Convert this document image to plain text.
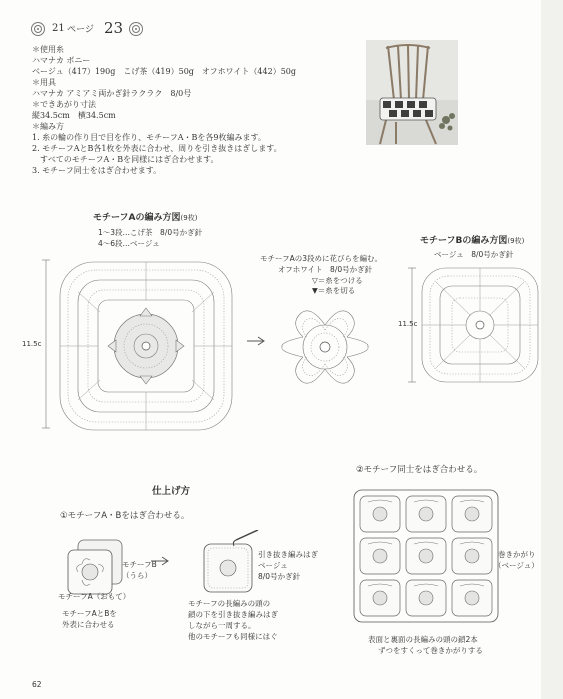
21 ページ 23
＊使用糸
ハマナカ ボニー
ベージュ（417）190g　こげ茶（419）50g　オフホワイト（442）50g
＊用具
ハマナカ アミアミ両かぎ針ラクラク　8/0号
＊できあがり寸法
縦34.5cm　横34.5cm
＊編み方
1. 糸の輪の作り目で目を作り、モチーフA・Bを各9枚編みます。
2. モチーフAとB各1枚を外表に合わせ、周りを引き抜きはぎします。
　すべてのモチーフA・Bを同様にはぎ合わせます。
3. モチーフ同士をはぎ合わせます。
モチーフAの編み方図(9枚)
1～3段…こげ茶　8/0号かぎ針
4～6段…ベージュ
11.5c
モチーフAの3段めに花びらを編む。
オフホワイト　8/0号かぎ針
▽＝糸をつける
▼＝糸を切る
モチーフBの編み方図(9枚)
ベージュ　8/0号かぎ針
11.5c
仕上げ方
①モチーフA・Bをはぎ合わせる。
モチーフB
（うら）
モチーフA（おもて）
モチーフAとBを
外表に合わせる
引き抜き編みはぎ
ベージュ
8/0号かぎ針
モチーフの長編みの頭の
鎖の下を引き抜き編みはぎ
しながら一周する。
他のモチーフも同様にはぐ
②モチーフ同士をはぎ合わせる。
巻きかがり
（ベージュ）
表面と裏面の長編みの頭の鎖2本
ずつをすくって巻きかがりする
62
